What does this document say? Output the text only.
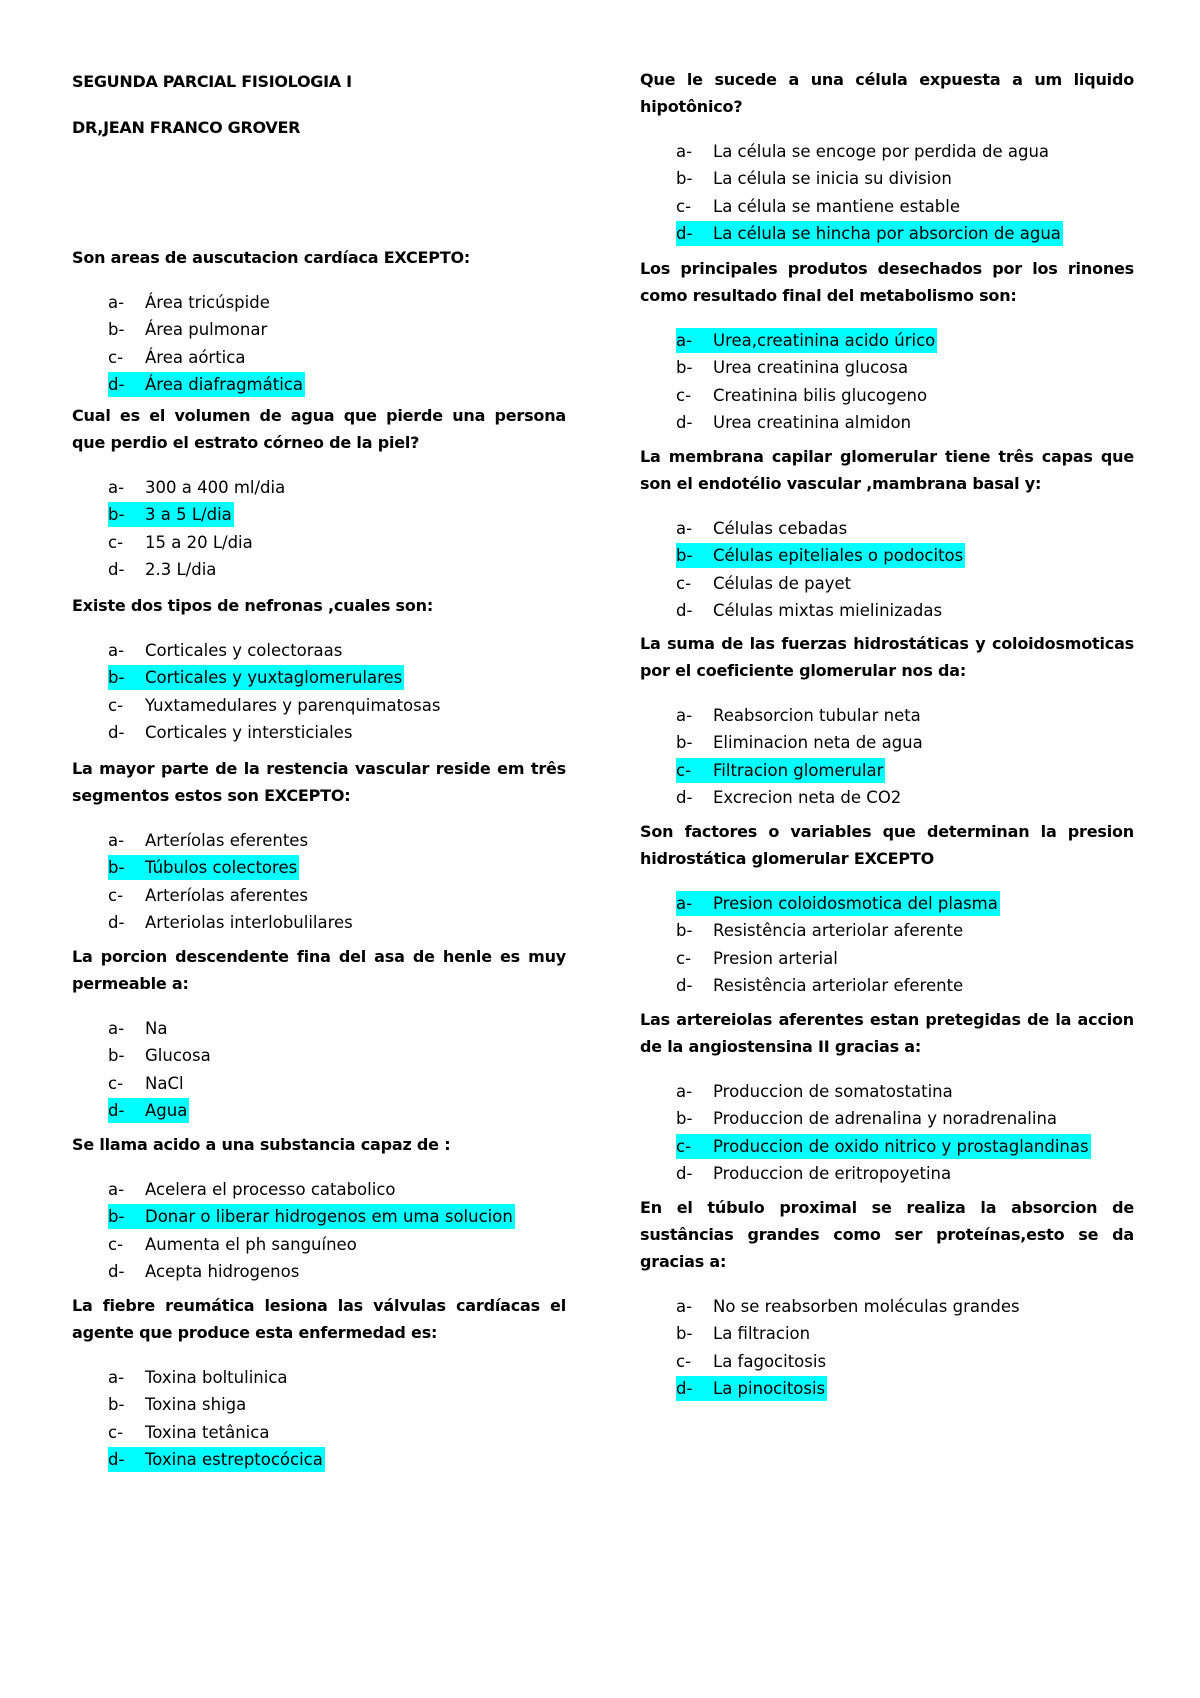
SEGUNDA PARCIAL FISIOLOGIA I
DR,JEAN FRANCO GROVER
Son areas de auscutacion cardíaca EXCEPTO:
a- Área tricúspide
b- Área pulmonar
c- Área aórtica
d- Área diafragmática
Cual es el volumen de agua que pierde una persona que perdio el estrato córneo de la piel?
a- 300 a 400 ml/dia
b- 3 a 5 L/dia
c- 15 a 20 L/dia
d- 2.3 L/dia
Existe dos tipos de nefronas ,cuales son:
a- Corticales y colectoraas
b- Corticales y yuxtaglomerulares
c- Yuxtamedulares y parenquimatosas
d- Corticales y intersticiales
La mayor parte de la restencia vascular reside em três segmentos estos son EXCEPTO:
a- Arteríolas eferentes
b- Túbulos colectores
c- Arteríolas aferentes
d- Arteriolas interlobulilares
La porcion descendente fina del asa de henle es muy permeable a:
a- Na
b- Glucosa
c- NaCl
d- Agua
Se llama acido a una substancia capaz de :
a- Acelera el processo catabolico
b- Donar o liberar hidrogenos em uma solucion
c- Aumenta el ph sanguíneo
d- Acepta hidrogenos
La fiebre reumática lesiona las válvulas cardíacas el agente que produce esta enfermedad es:
a- Toxina boltulinica
b- Toxina shiga
c- Toxina tetânica
d- Toxina estreptocócica
Que le sucede a una célula expuesta a um liquido hipotônico?
a- La célula se encoge por perdida de agua
b- La célula se inicia su division
c- La célula se mantiene estable
d- La célula se hincha por absorcion de agua
Los principales produtos desechados por los rinones como resultado final del metabolismo son:
a- Urea,creatinina acido úrico
b- Urea creatinina glucosa
c- Creatinina bilis glucogeno
d- Urea creatinina almidon
La membrana capilar glomerular tiene três capas que son el endotélio vascular ,mambrana basal y:
a- Células cebadas
b- Células epiteliales o podocitos
c- Células de payet
d- Células mixtas mielinizadas
La suma de las fuerzas hidrostáticas y coloidosmoticas por el coeficiente glomerular nos da:
a- Reabsorcion tubular neta
b- Eliminacion neta de agua
c- Filtracion glomerular
d- Excrecion neta de CO2
Son factores o variables que determinan la presion hidrostática glomerular EXCEPTO
a- Presion coloidosmotica del plasma
b- Resistência arteriolar aferente
c- Presion arterial
d- Resistência arteriolar eferente
Las artereiolas aferentes estan pretegidas de la accion de la angiostensina II gracias a:
a- Produccion de somatostatina
b- Produccion de adrenalina y noradrenalina
c- Produccion de oxido nitrico y prostaglandinas
d- Produccion de eritropoyetina
En el túbulo proximal se realiza la absorcion de sustâncias grandes como ser proteínas,esto se da gracias a:
a- No se reabsorben moléculas grandes
b- La filtracion
c- La fagocitosis
d- La pinocitosis
